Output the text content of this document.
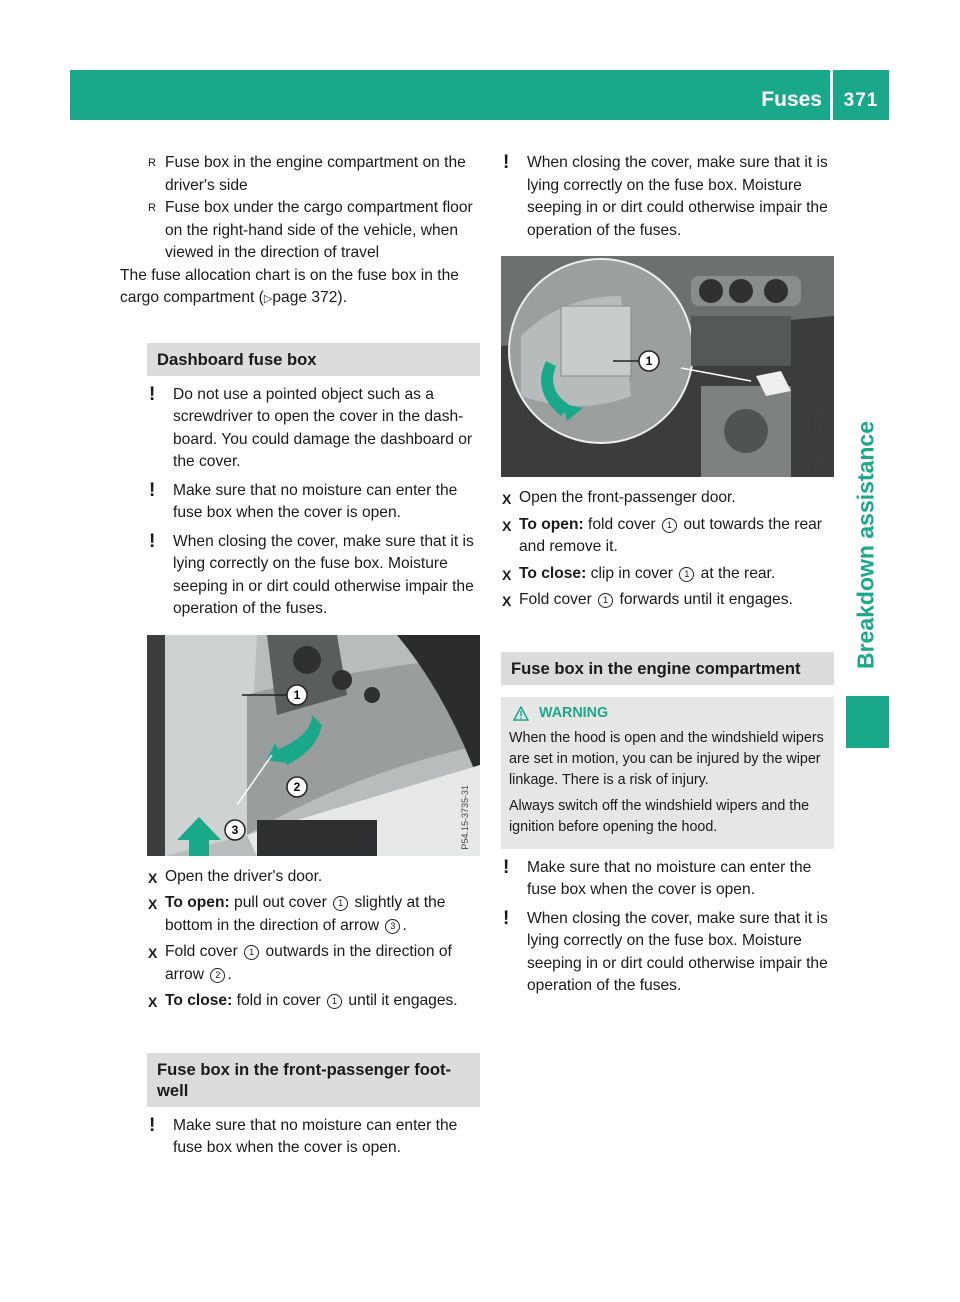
Fuses	371
Breakdown assistance

R Fuse box in the engine compartment on the driver's side

R Fuse box under the cargo compartment floor on the right-hand side of the vehicle, when viewed in the direction of travel

The fuse allocation chart is on the fuse box in the cargo compartment (▷page 372).

Dashboard fuse box

! Do not use a pointed object such as a screwdriver to open the cover in the dash-board. You could damage the dashboard or the cover.

! Make sure that no moisture can enter the fuse box when the cover is open.

! When closing the cover, make sure that it is lying correctly on the fuse box. Moisture seeping in or dirt could otherwise impair the operation of the fuses.

1
2
3	P54.15-3735-31

X Open the driver's door.

X To open: pull out cover 1 slightly at the bottom in the direction of arrow 3 .

X Fold cover 1 outwards in the direction of arrow 2 .

X To close: fold in cover 1 until it engages.

Fuse box in the front-passenger foot-well

! Make sure that no moisture can enter the fuse box when the cover is open.

! When closing the cover, make sure that it is lying correctly on the fuse box. Moisture seeping in or dirt could otherwise impair the operation of the fuses.

1
P60.00-3077-31

X Open the front-passenger door.

X To open: fold cover 1 out towards the rear and remove it.

X To close: clip in cover 1 at the rear.

X Fold cover 1 forwards until it engages.

Fuse box in the engine compartment

WARNING

When the hood is open and the windshield wipers are set in motion, you can be injured by the wiper linkage. There is a risk of injury.

Always switch off the windshield wipers and the ignition before opening the hood.

! Make sure that no moisture can enter the fuse box when the cover is open.

! When closing the cover, make sure that it is lying correctly on the fuse box. Moisture seeping in or dirt could otherwise impair the operation of the fuses.
